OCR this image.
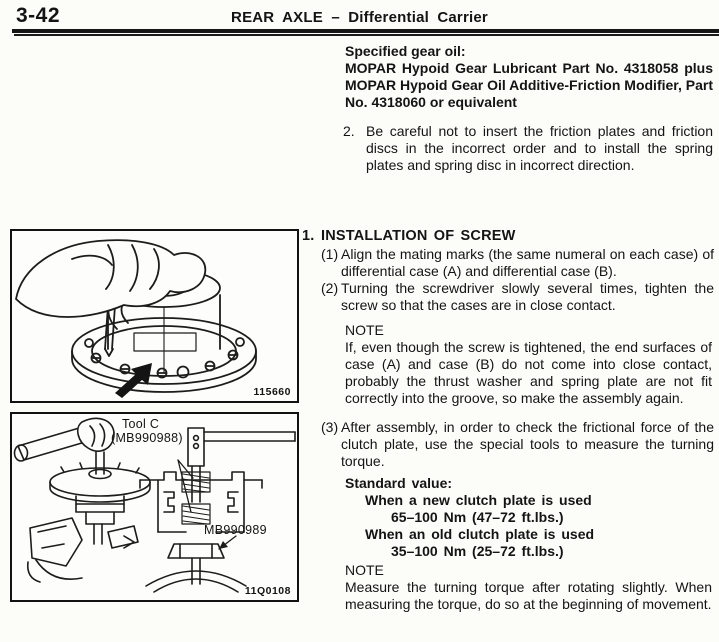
3-42	REAR AXLE – Differential Carrier
Specified gear oil:
MOPAR Hypoid Gear Lubricant Part No. 4318058 plus MOPAR Hypoid Gear Oil Additive-Friction Modifier, Part No. 4318060 or equivalent
2. Be careful not to insert the friction plates and friction discs in the incorrect order and to install the spring plates and spring disc in incorrect direction.
115660
Tool C
(MB990988)
MB990989
11Q0108
1. INSTALLATION OF SCREW
(1) Align the mating marks (the same numeral on each case) of differential case (A) and differential case (B).
(2) Turning the screwdriver slowly several times, tighten the screw so that the cases are in close contact.
NOTE
If, even though the screw is tightened, the end surfaces of case (A) and case (B) do not come into close contact, probably the thrust washer and spring plate are not fit correctly into the groove, so make the assembly again.
(3) After assembly, in order to check the frictional force of the clutch plate, use the special tools to measure the turning torque.
Standard value:
When a new clutch plate is used
65–100 Nm (47–72 ft.lbs.)
When an old clutch plate is used
35–100 Nm (25–72 ft.lbs.)
NOTE
Measure the turning torque after rotating slightly. When measuring the torque, do so at the beginning of movement.
